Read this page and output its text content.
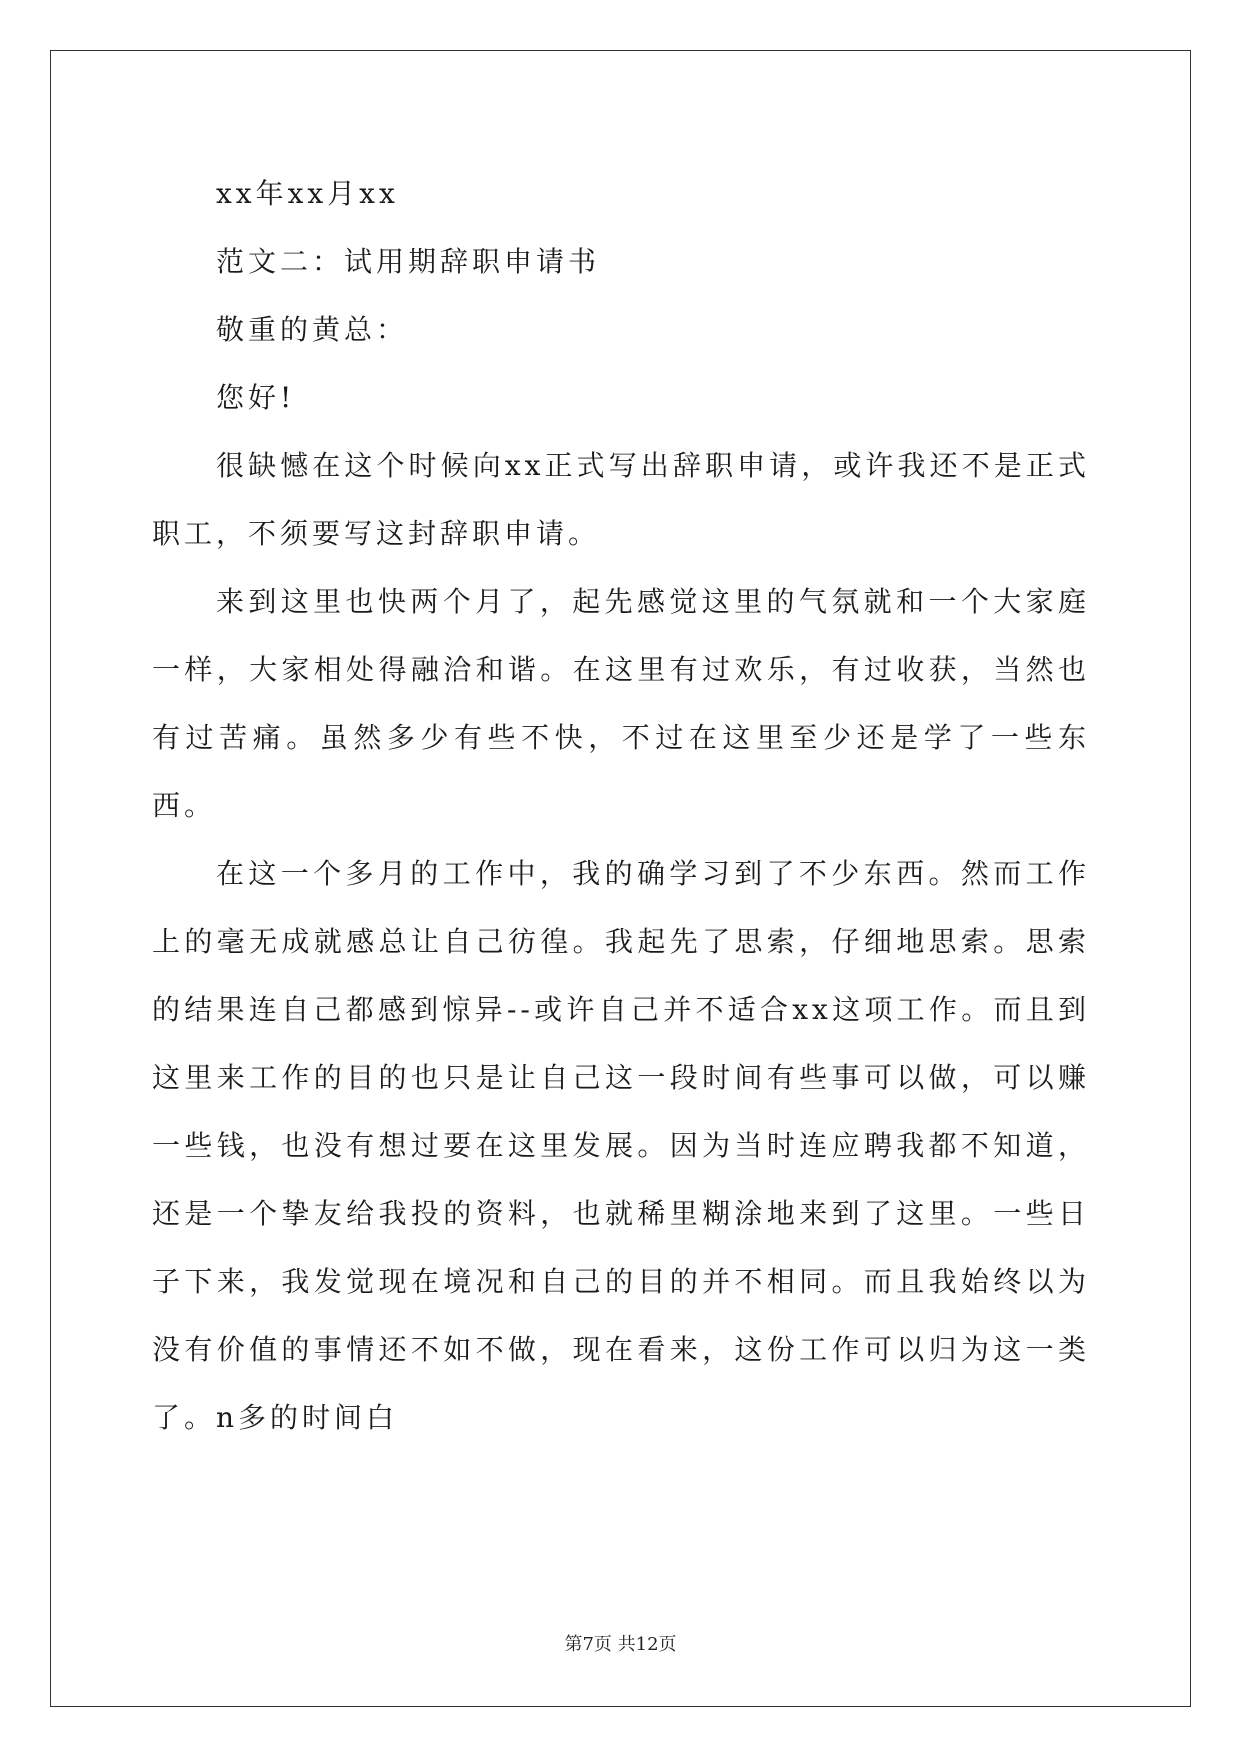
xx年xx月xx

范文二：试用期辞职申请书

敬重的黄总：

您好!

很缺憾在这个时候向xx正式写出辞职申请，或许我还不是正式职工，不须要写这封辞职申请。

来到这里也快两个月了，起先感觉这里的气氛就和一个大家庭一样，大家相处得融洽和谐。在这里有过欢乐，有过收获，当然也有过苦痛。虽然多少有些不快，不过在这里至少还是学了一些东西。

在这一个多月的工作中，我的确学习到了不少东西。然而工作上的毫无成就感总让自己彷徨。我起先了思索，仔细地思索。思索的结果连自己都感到惊异--或许自己并不适合xx这项工作。而且到这里来工作的目的也只是让自己这一段时间有些事可以做，可以赚一些钱，也没有想过要在这里发展。因为当时连应聘我都不知道，还是一个挚友给我投的资料，也就稀里糊涂地来到了这里。一些日子下来，我发觉现在境况和自己的目的并不相同。而且我始终以为没有价值的事情还不如不做，现在看来，这份工作可以归为这一类了。n多的时间白

第7页 共12页
